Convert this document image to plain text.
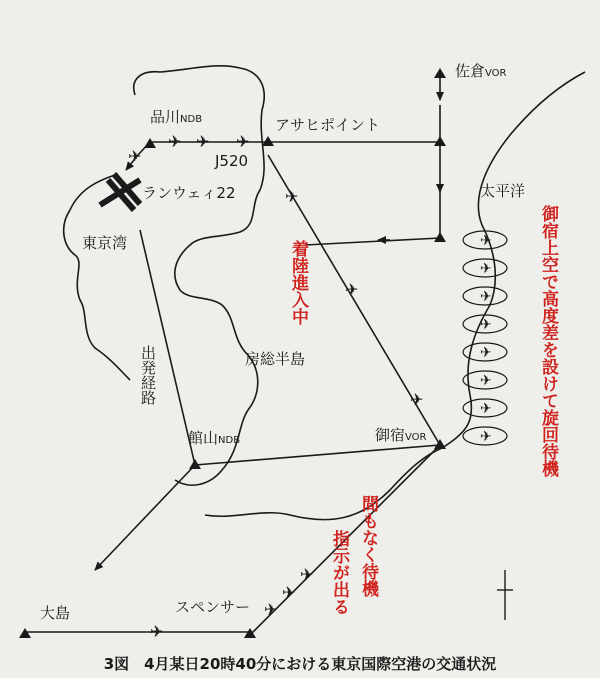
✈ ✈ ✈
✈
✈
✈
✈
✈
✈
✈
✈
✈
✈
✈
✈
✈
✈
✈
✈
佐倉VOR
品川NDB	アサヒポイント
J520
ランウェィ22	太平洋
東京湾
房総半島
館山NDB	御宿VOR
大島	スペンサー
出発経路
着陸進入中	御宿上空で高度差を設けて旋回待機
指示が出る 間もなく待機
3図　4月某日20時40分における東京国際空港の交通状況
